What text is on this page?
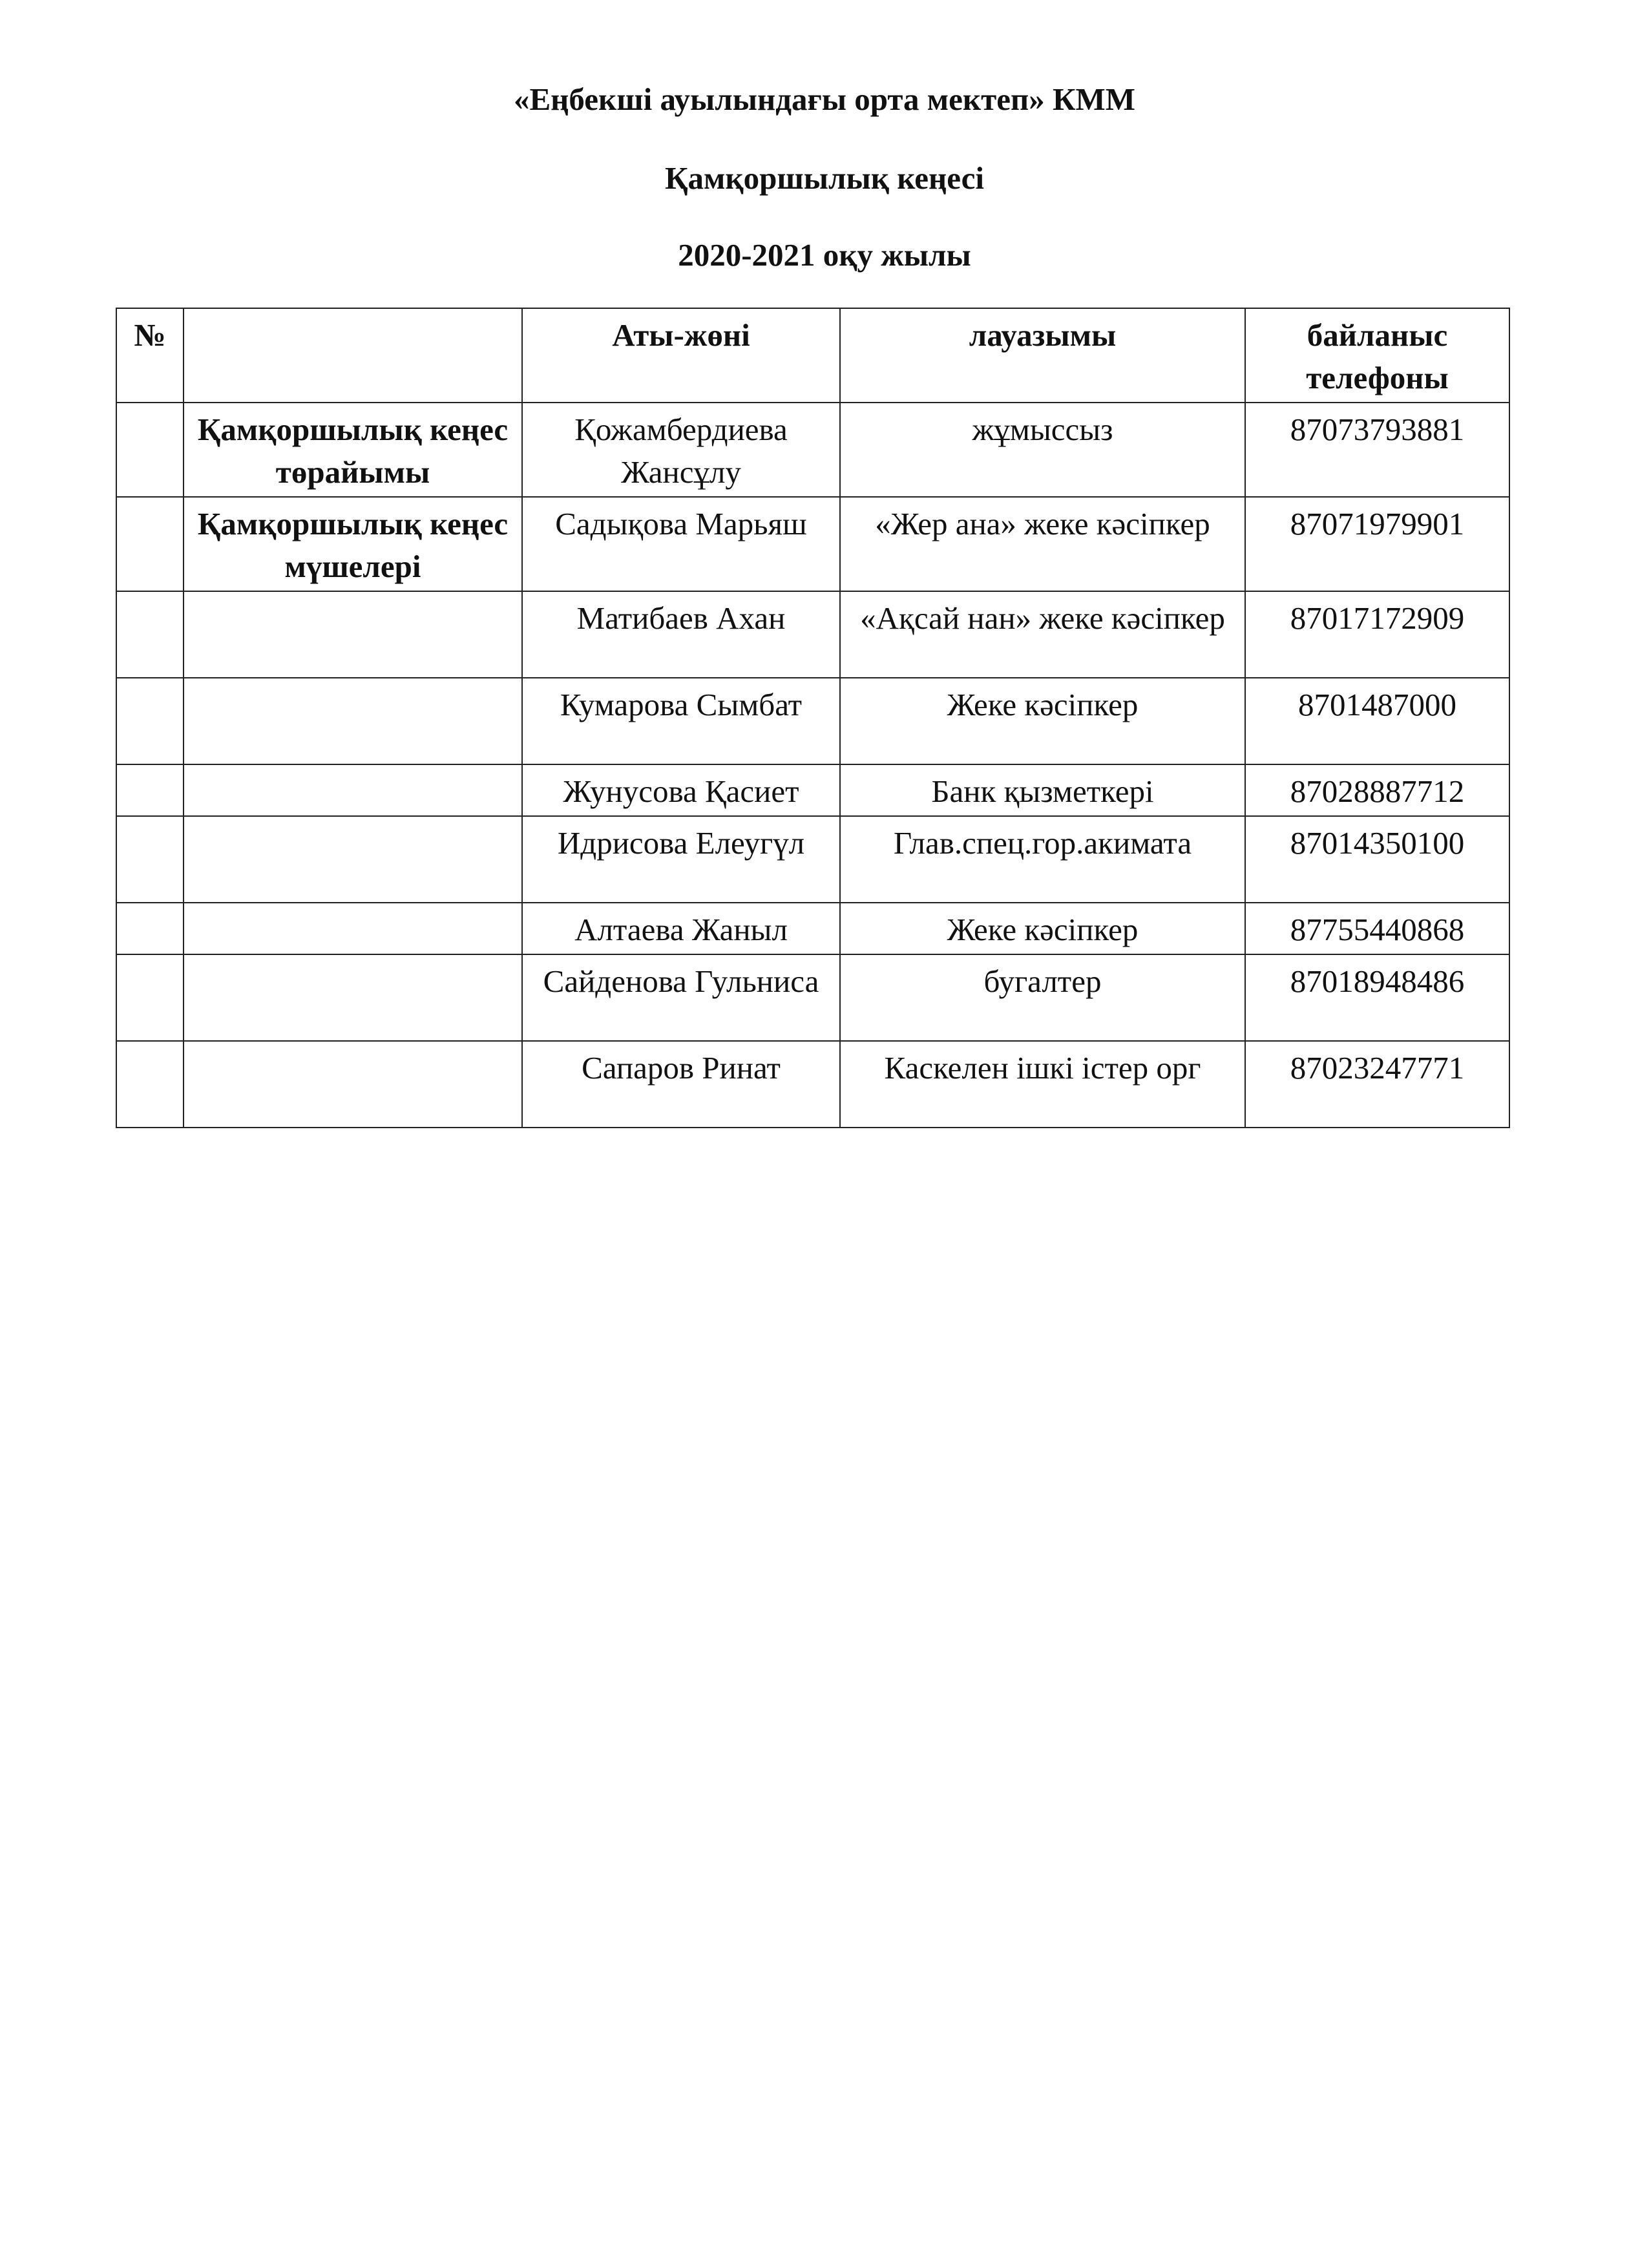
«Еңбекші ауылындағы орта мектеп» КММ
Қамқоршылық кеңесі
2020-2021 оқу жылы
№		Аты-жөні	лауазымы	байланыс телефоны
	Қамқоршылық кеңес төрайымы	Қожамбердиева Жансұлу	жұмыссыз	87073793881
	Қамқоршылық кеңес мүшелері	Садықова Марьяш	«Жер ана» жеке кәсіпкер	87071979901
		Матибаев Ахан	«Ақсай нан» жеке кәсіпкер	87017172909
		Кумарова Сымбат	Жеке кәсіпкер	8701487000
		Жунусова Қасиет	Банк қызметкері	87028887712
		Идрисова Елеугүл	Глав.спец.гор.акимата	87014350100
		Алтаева Жаныл	Жеке кәсіпкер	87755440868
		Сайденова Гульниса	бугалтер	87018948486
		Сапаров Ринат	Каскелен ішкі істер орг	87023247771
